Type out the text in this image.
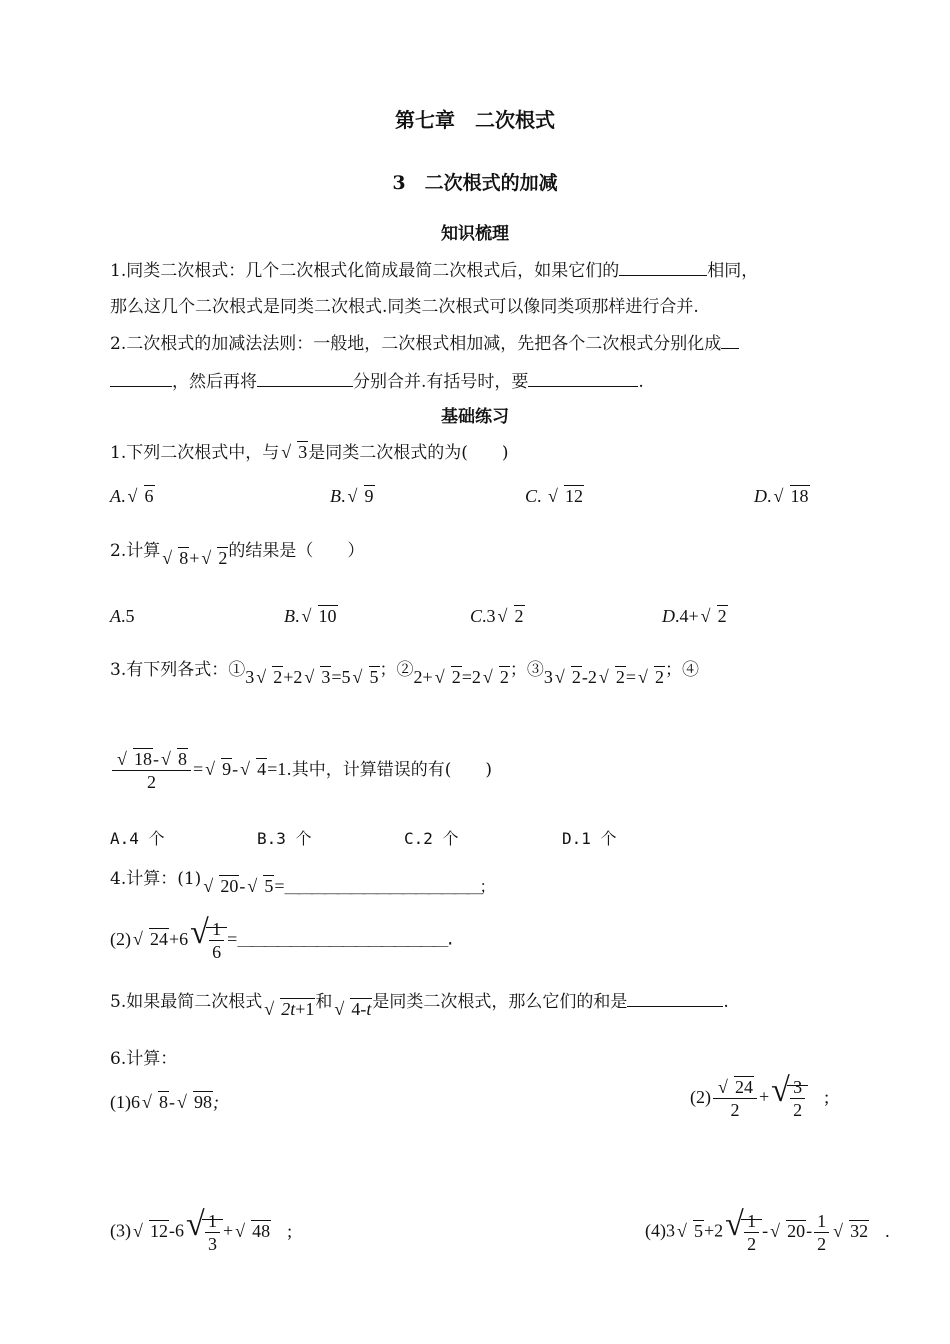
第七章　二次根式
3　二次根式的加减
知识梳理
1.同类二次根式：几个二次根式化简成最简二次根式后，如果它们的	相同，
那么这几个二次根式是同类二次根式.同类二次根式可以像同类项那样进行合并.
2.二次根式的加减法法则：一般地，二次根式相加减，先把各个二次根式分别化成
，然后再将	分别合并.有括号时，要	.
基础练习
1.下列二次根式中，与 √ 3是同类二次根式的为(　　)
A. √ 6	B. √ 9	C. √ 12	D. √ 18
2.计算 √ 8+ √ 2的结果是（　　）
A.5	B. √ 10	C.3 √ 2	D.4+ √ 2
3.有下列各式：①3 √ 2+2 √ 3=5 √ 5；②2+ √ 2=2 √ 2；③3 √ 2-2 √ 2= √ 2；④
√ $\frac{18- √ 8}{2}$ = √ 9- √ 4=1.其中，计算错误的有(　　)
A.4 个	B.3 个	C.2 个	D.1 个
4.计算：(1) √ 20- √ 5=＿＿＿＿＿＿＿＿＿＿＿＿＿＿＿；
(2) √ 24+6 √ $\frac{1}{6}$ =＿＿＿＿＿＿＿＿＿＿＿＿＿＿＿＿.
5.如果最简二次根式 √ 2t+1和 √ 4-t是同类二次根式，那么它们的和是	.
6.计算：
(1)6 √ 8- √ 98;	(2) √ $\frac{24}{2}$ + √ $\frac{3}{2}$ ;
(3) √ 12-6 √ $\frac{1}{3}$ + √ 48 ;	(4)3 √ 5+2 √ $\frac{1}{2}$ - √ $20- \frac{1}{2}$ √ 32 .
